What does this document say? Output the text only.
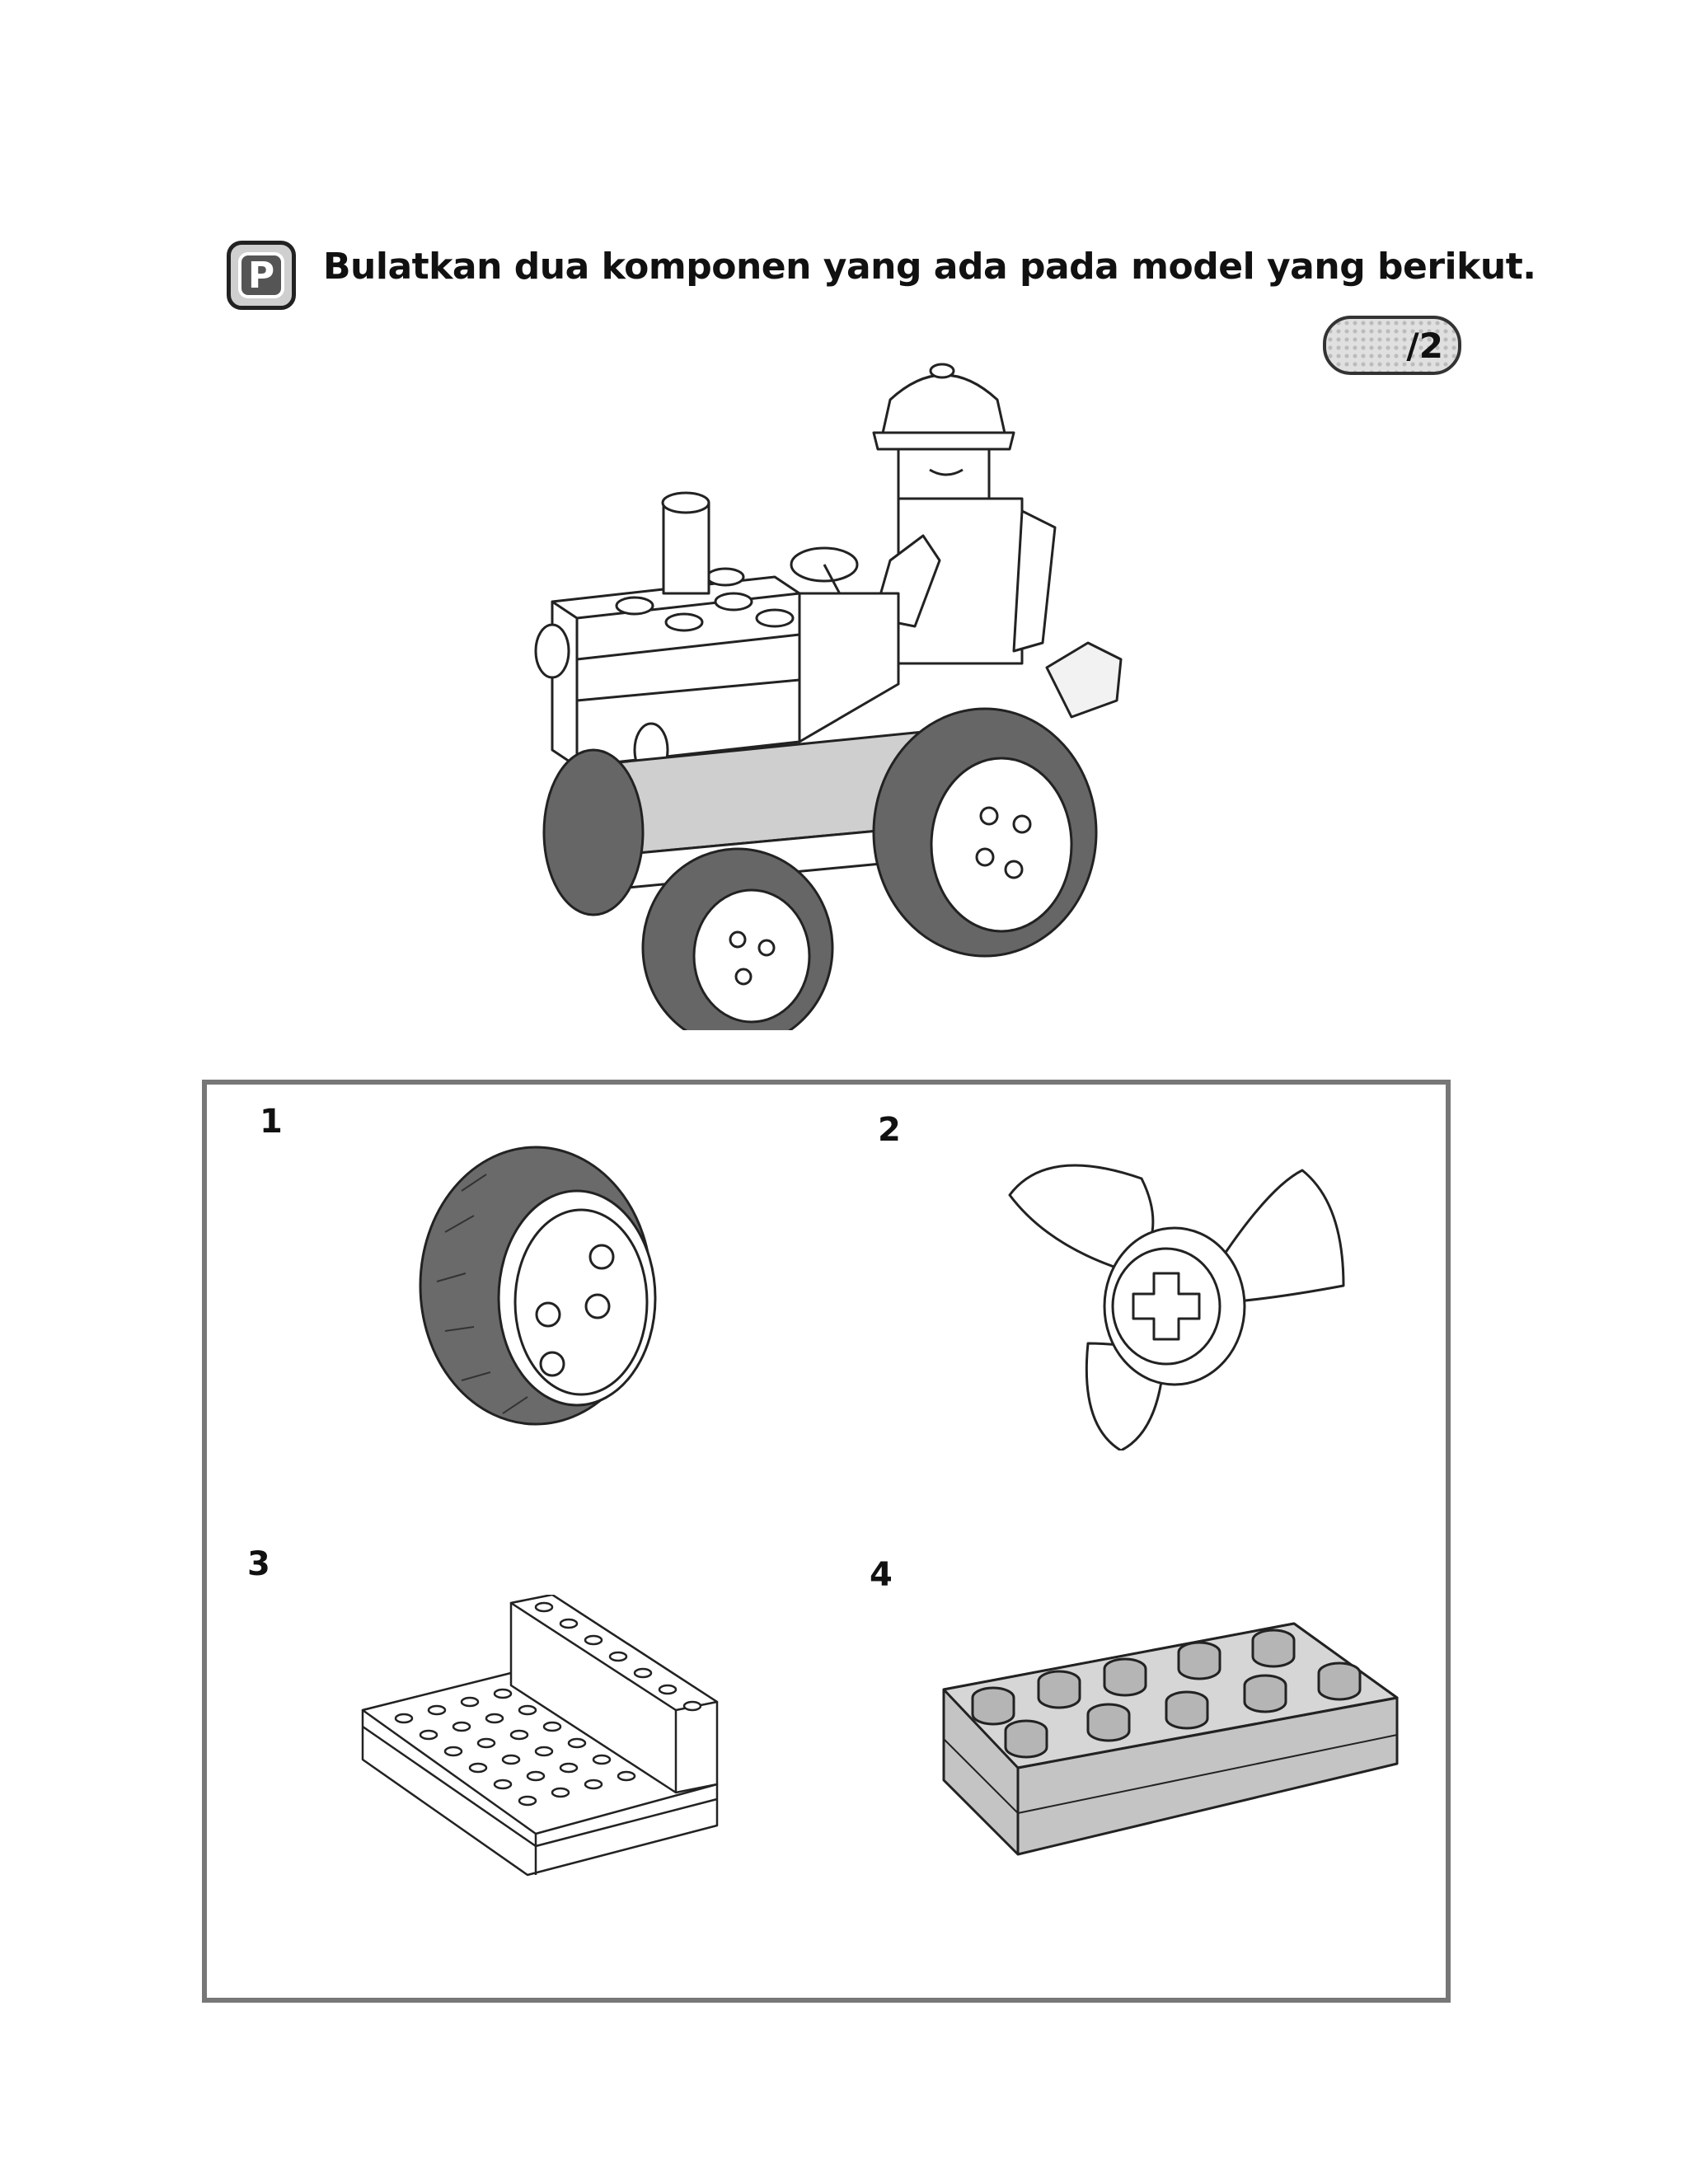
P Bulatkan dua komponen yang ada pada model yang berikut.
/2
1	2
3	4
